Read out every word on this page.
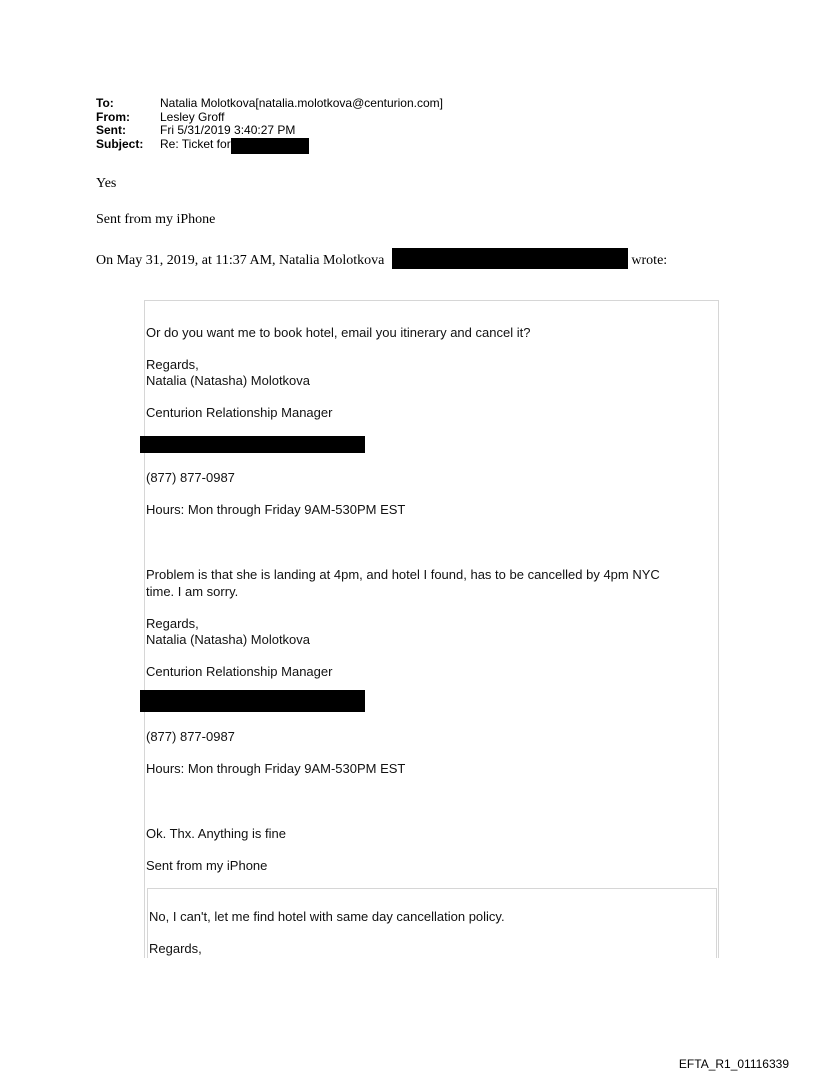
To:	Natalia Molotkova[natalia.molotkova@centurion.com]
From:	Lesley Groff
Sent:	Fri 5/31/2019 3:40:27 PM
Subject:	Re: Ticket for
Yes
Sent from my iPhone
On May 31, 2019, at 11:37 AM, Natalia Molotkova	wrote:
Or do you want me to book hotel, email you itinerary and cancel it?
Regards,
Natalia (Natasha) Molotkova
Centurion Relationship Manager
(877) 877-0987
Hours: Mon through Friday 9AM-530PM EST
Problem is that she is landing at 4pm, and hotel I found, has to be cancelled by 4pm NYC
time. I am sorry.
Regards,
Natalia (Natasha) Molotkova
Centurion Relationship Manager
(877) 877-0987
Hours: Mon through Friday 9AM-530PM EST
Ok. Thx. Anything is fine
Sent from my iPhone
No, I can't, let me find hotel with same day cancellation policy.
Regards,
EFTA_R1_01116339
